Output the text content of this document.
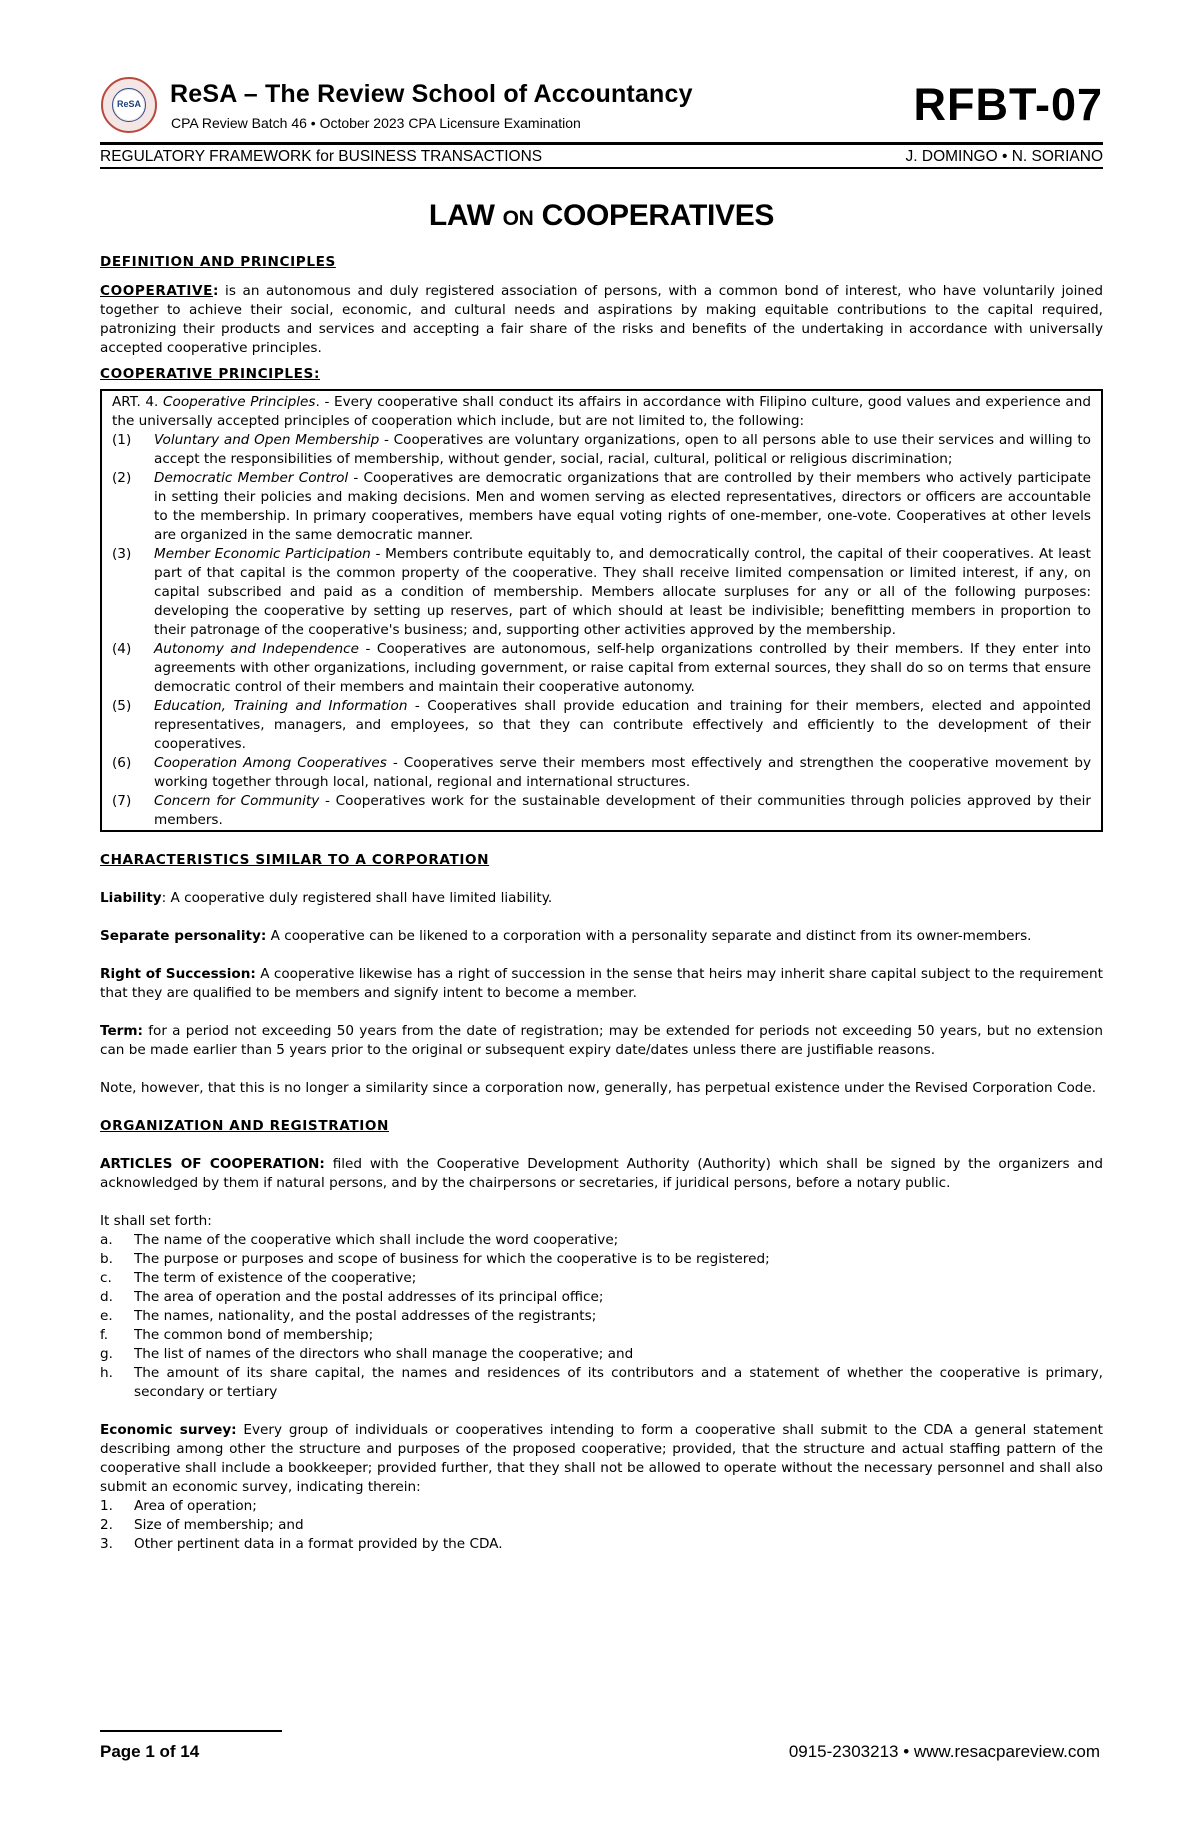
ReSA	ReSA – The Review School of Accountancy
CPA Review Batch 46 • October 2023 CPA Licensure Examination	RFBT-07
REGULATORY FRAMEWORK for BUSINESS TRANSACTIONS	J. DOMINGO • N. SORIANO
LAW ON COOPERATIVES

DEFINITION AND PRINCIPLES

COOPERATIVE: is an autonomous and duly registered association of persons, with a common bond of interest, who have voluntarily joined together to achieve their social, economic, and cultural needs and aspirations by making equitable contributions to the capital required, patronizing their products and services and accepting a fair share of the risks and benefits of the undertaking in accordance with universally accepted cooperative principles.

COOPERATIVE PRINCIPLES:

ART. 4. Cooperative Principles. - Every cooperative shall conduct its affairs in accordance with Filipino culture, good values and experience and the universally accepted principles of cooperation which include, but are not limited to, the following:

(1)	Voluntary and Open Membership - Cooperatives are voluntary organizations, open to all persons able to use their services and willing to accept the responsibilities of membership, without gender, social, racial, cultural, political or religious discrimination;
(2)	Democratic Member Control - Cooperatives are democratic organizations that are controlled by their members who actively participate in setting their policies and making decisions. Men and women serving as elected representatives, directors or officers are accountable to the membership. In primary cooperatives, members have equal voting rights of one-member, one-vote. Cooperatives at other levels are organized in the same democratic manner.
(3)	Member Economic Participation - Members contribute equitably to, and democratically control, the capital of their cooperatives. At least part of that capital is the common property of the cooperative. They shall receive limited compensation or limited interest, if any, on capital subscribed and paid as a condition of membership. Members allocate surpluses for any or all of the following purposes: developing the cooperative by setting up reserves, part of which should at least be indivisible; benefitting members in proportion to their patronage of the cooperative's business; and, supporting other activities approved by the membership.
(4)	Autonomy and Independence - Cooperatives are autonomous, self-help organizations controlled by their members. If they enter into agreements with other organizations, including government, or raise capital from external sources, they shall do so on terms that ensure democratic control of their members and maintain their cooperative autonomy.
(5)	Education, Training and Information - Cooperatives shall provide education and training for their members, elected and appointed representatives, managers, and employees, so that they can contribute effectively and efficiently to the development of their cooperatives.
(6)	Cooperation Among Cooperatives - Cooperatives serve their members most effectively and strengthen the cooperative movement by working together through local, national, regional and international structures.
(7)	Concern for Community - Cooperatives work for the sustainable development of their communities through policies approved by their members.

CHARACTERISTICS SIMILAR TO A CORPORATION

Liability: A cooperative duly registered shall have limited liability.

Separate personality: A cooperative can be likened to a corporation with a personality separate and distinct from its owner-members.

Right of Succession: A cooperative likewise has a right of succession in the sense that heirs may inherit share capital subject to the requirement that they are qualified to be members and signify intent to become a member.

Term: for a period not exceeding 50 years from the date of registration; may be extended for periods not exceeding 50 years, but no extension can be made earlier than 5 years prior to the original or subsequent expiry date/dates unless there are justifiable reasons.

Note, however, that this is no longer a similarity since a corporation now, generally, has perpetual existence under the Revised Corporation Code.

ORGANIZATION AND REGISTRATION

ARTICLES OF COOPERATION: filed with the Cooperative Development Authority (Authority) which shall be signed by the organizers and acknowledged by them if natural persons, and by the chairpersons or secretaries, if juridical persons, before a notary public.

It shall set forth:

a.	The name of the cooperative which shall include the word cooperative;
b.	The purpose or purposes and scope of business for which the cooperative is to be registered;
c.	The term of existence of the cooperative;
d.	The area of operation and the postal addresses of its principal office;
e.	The names, nationality, and the postal addresses of the registrants;
f.	The common bond of membership;
g.	The list of names of the directors who shall manage the cooperative; and
h.	The amount of its share capital, the names and residences of its contributors and a statement of whether the cooperative is primary, secondary or tertiary

Economic survey: Every group of individuals or cooperatives intending to form a cooperative shall submit to the CDA a general statement describing among other the structure and purposes of the proposed cooperative; provided, that the structure and actual staffing pattern of the cooperative shall include a bookkeeper; provided further, that they shall not be allowed to operate without the necessary personnel and shall also submit an economic survey, indicating therein:

1.	Area of operation;
2.	Size of membership; and
3.	Other pertinent data in a format provided by the CDA.
Page 1 of 14	0915-2303213 • www.resacpareview.com
